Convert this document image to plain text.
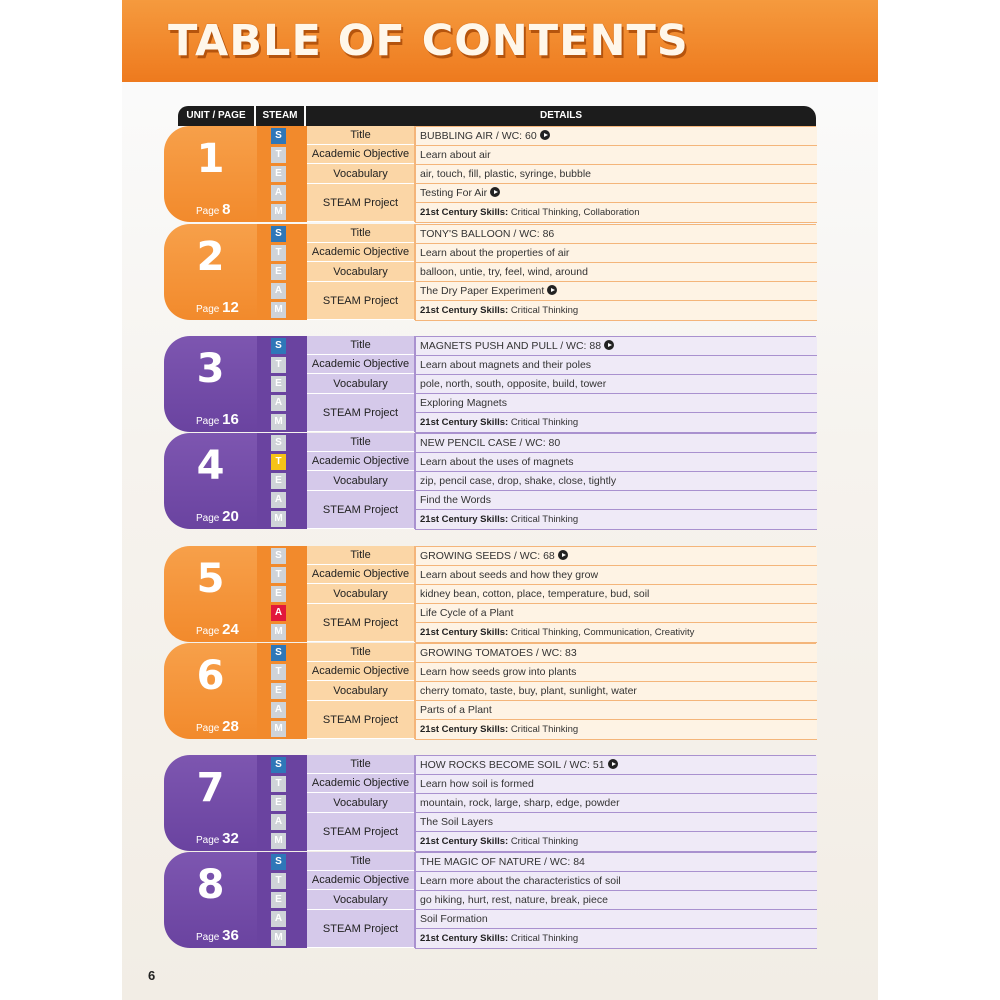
TABLE OF CONTENTS
UNIT / PAGE	STEAM	DETAILS
1
Page 8
S
T
E
A
M
Title
Academic Objective
Vocabulary
STEAM Project
BUBBLING AIR / WC: 60
Learn about air
air, touch, fill, plastic, syringe, bubble
Testing For Air
21st Century Skills: Critical Thinking, Collaboration
2
Page 12
S
T
E
A
M
Title
Academic Objective
Vocabulary
STEAM Project
TONY'S BALLOON / WC: 86
Learn about the properties of air
balloon, untie, try, feel, wind, around
The Dry Paper Experiment
21st Century Skills: Critical Thinking
3
Page 16
S
T
E
A
M
Title
Academic Objective
Vocabulary
STEAM Project
MAGNETS PUSH AND PULL / WC: 88
Learn about magnets and their poles
pole, north, south, opposite, build, tower
Exploring Magnets
21st Century Skills: Critical Thinking
4
Page 20
S
T
E
A
M
Title
Academic Objective
Vocabulary
STEAM Project
NEW PENCIL CASE / WC: 80
Learn about the uses of magnets
zip, pencil case, drop, shake, close, tightly
Find the Words
21st Century Skills: Critical Thinking
5
Page 24
S
T
E
A
M
Title
Academic Objective
Vocabulary
STEAM Project
GROWING SEEDS / WC: 68
Learn about seeds and how they grow
kidney bean, cotton, place, temperature, bud, soil
Life Cycle of a Plant
21st Century Skills: Critical Thinking, Communication, Creativity
6
Page 28
S
T
E
A
M
Title
Academic Objective
Vocabulary
STEAM Project
GROWING TOMATOES / WC: 83
Learn how seeds grow into plants
cherry tomato, taste, buy, plant, sunlight, water
Parts of a Plant
21st Century Skills: Critical Thinking
7
Page 32
S
T
E
A
M
Title
Academic Objective
Vocabulary
STEAM Project
HOW ROCKS BECOME SOIL / WC: 51
Learn how soil is formed
mountain, rock, large, sharp, edge, powder
The Soil Layers
21st Century Skills: Critical Thinking
8
Page 36
S
T
E
A
M
Title
Academic Objective
Vocabulary
STEAM Project
THE MAGIC OF NATURE / WC: 84
Learn more about the characteristics of soil
go hiking, hurt, rest, nature, break, piece
Soil Formation
21st Century Skills: Critical Thinking
6
